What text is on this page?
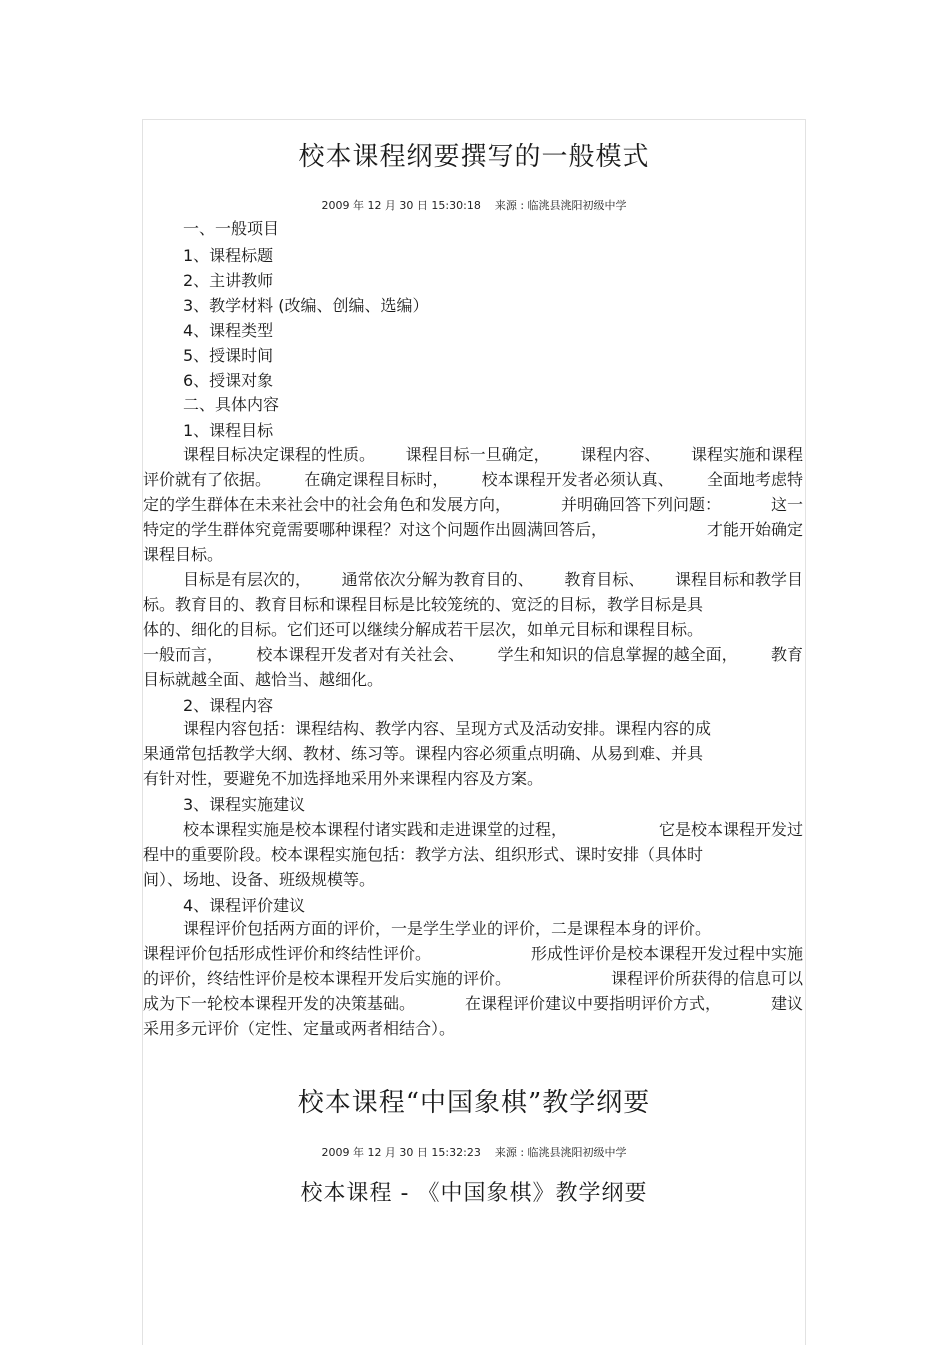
校本课程纲要撰写的一般模式
2009 年 12 月 30 日 15:30:18 来源 : 临洮县洮阳初级中学
一、一般项目
1、课程标题
2、主讲教师
3、教学材料 (改编、创编、选编）
4、课程类型
5、授课时间
6、授课对象
二、具体内容
1、课程目标
课程目标决定课程的性质。 课程目标一旦确定， 课程内容、 课程实施和课程
评价就有了依据。 在确定课程目标时， 校本课程开发者必须认真、 全面地考虑特
定的学生群体在未来社会中的社会角色和发展方向，	并明确回答下列问题：	这一
特定的学生群体究竟需要哪种课程？对这个问题作出圆满回答后，	才能开始确定
课程目标。
目标是有层次的， 通常依次分解为教育目的、 教育目标、 课程目标和教学目
标。教育目的、教育目标和课程目标是比较笼统的、宽泛的目标，教学目标是具
体的、细化的目标。它们还可以继续分解成若干层次，如单元目标和课程目标。
一般而言， 校本课程开发者对有关社会、 学生和知识的信息掌握的越全面， 教育
目标就越全面、越恰当、越细化。
2、课程内容
课程内容包括：课程结构、教学内容、呈现方式及活动安排。课程内容的成
果通常包括教学大纲、教材、练习等。课程内容必须重点明确、从易到难、并具
有针对性，要避免不加选择地采用外来课程内容及方案。
3、课程实施建议
校本课程实施是校本课程付诸实践和走进课堂的过程，	它是校本课程开发过
程中的重要阶段。校本课程实施包括：教学方法、组织形式、课时安排（具体时
间）、场地、设备、班级规模等。
4、课程评价建议
课程评价包括两方面的评价，一是学生学业的评价，二是课程本身的评价。
课程评价包括形成性评价和终结性评价。	形成性评价是校本课程开发过程中实施
的评价，终结性评价是校本课程开发后实施的评价。	课程评价所获得的信息可以
成为下一轮校本课程开发的决策基础。	在课程评价建议中要指明评价方式，	建议
采用多元评价（定性、定量或两者相结合）。
校本课程“中国象棋”教学纲要
2009 年 12 月 30 日 15:32:23 来源 : 临洮县洮阳初级中学
校本课程 - 《中国象棋》教学纲要
